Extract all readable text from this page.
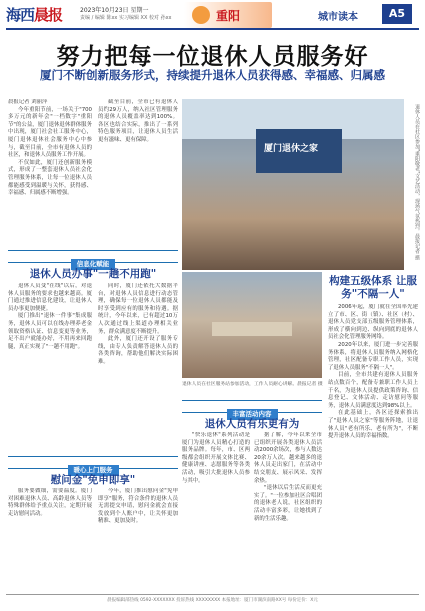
海西晨报	2023年10月23日 星期一
责编 / 编辑 陈xx 实习编辑 XX 校对 孙xx	重阳	城市读本	A5
努力把每一位退休人员服务好
厦门不断创新服务形式，持续提升退休人员获得感、幸福感、归属感

晨报记者 刘丽萍

今年重阳节前，一场关于"700多万元的新年会"一档数字"重阳节"的公益，厦门退休退休群体服务中出现，厦门社会社工服务中心，厦门退休退休社会服务中心中参与，截至目前，全市有退休人员的社区，和退休人员服务工作开展。

不仅如此，厦门还创新服务模式，形成了一整套退休人员社会化管理服务体系，让每一位退休人员都能感受到温暖与关怀，获得感、幸福感、归属感不断增强。

截至目前，全市已有退休人员约29万人，纳入社区管理服务的退休人员覆盖率达到100%。各区也结合实际，推出了一系列特色服务项目，让退休人员生活更有滋味、更有保障。

厦门退休之家	退休人员在社区参加"重阳敬老"文艺活动，现场气氛热烈。晨报记者 摄
信息化赋能
退休人员办事"一趟不用跑"

退休人员变"在线"以后，对退休人员服务的要求也越来越高。厦门通过推进信息化建设，让退休人员办事更加便捷。

厦门推出"退休一件事"集成服务，退休人员可以在线办理养老金领取资格认证、信息变更等业务，足不出户就能办好，不用再来回跑腿，真正实现了"一趟不用跑"。

同时，厦门还依托大数据平台，对退休人员信息进行动态管理，确保每一位退休人员都能及时享受到应有的服务和待遇。据统计，今年以来，已有超过10万人次通过线上渠道办理相关业务，群众满意度不断提升。

此外，厦门还开设了服务专线，由专人负责解答退休人员的各类咨询，帮助他们解决实际困难。

退休人员在社区服务站参加活动，工作人员耐心讲解。晨报记者 摄
构建五级体系 让服务"不隔一人"

2006年起，厦门就在全国率先建立了市、区、街（镇）、社区（村）、退休人员党支部五级服务管理体系，形成了横向到边、纵向到底的退休人员社会化管理服务网络。

2020年以来，厦门进一步完善服务体系，将退休人员服务纳入网格化管理，社区配备专职工作人员，实现了退休人员服务"不隔一人"。

目前，全市共建有退休人员服务站点数百个，配备专兼职工作人员上千名，为退休人员提供政策咨询、信息登记、文体活动、走访慰问等服务，退休人员满意度达到98%以上。

在此基础上，各区还探索推出了"退休人员之家"等服务阵地，让退休人员"老有所乐、老有所为"，不断提升退休人员的幸福指数。

丰富活动内容
退休人员有乐更有为

"快乐退休"系列活动是厦门为退休人员精心打造的服务品牌。每年，市、区两级都会组织开展文体比赛、健康讲座、志愿服务等各类活动，吸引大批退休人员参与其中。

据了解，今年以来全市已组织开展各类退休人员活动2000余场次，参与人数达20余万人次。越来越多的退休人员走出家门，在活动中结交朋友、展示风采、发挥余热。

"退休以后生活反而更充实了。"一位参加社区合唱团的退休老人说，社区组织的活动丰富多彩，让她找到了新的生活乐趣。

暖心上门服务
慰问金"免申即享"

服务要做细，需要温度。厦门对困难退休人员、高龄退休人员等特殊群体给予重点关注，定期开展走访慰问活动。

今年，厦门推出慰问金"免申即享"服务，符合条件的退休人员无需提交申请，慰问金就会直接发放到个人账户中，让关怀更加精准、更加及时。

晨报编辑部热线 0592-XXXXXXX 投诉热线 XXXXXXXX 本报地址：厦门市湖滨南路XX号 每份定价：X元
